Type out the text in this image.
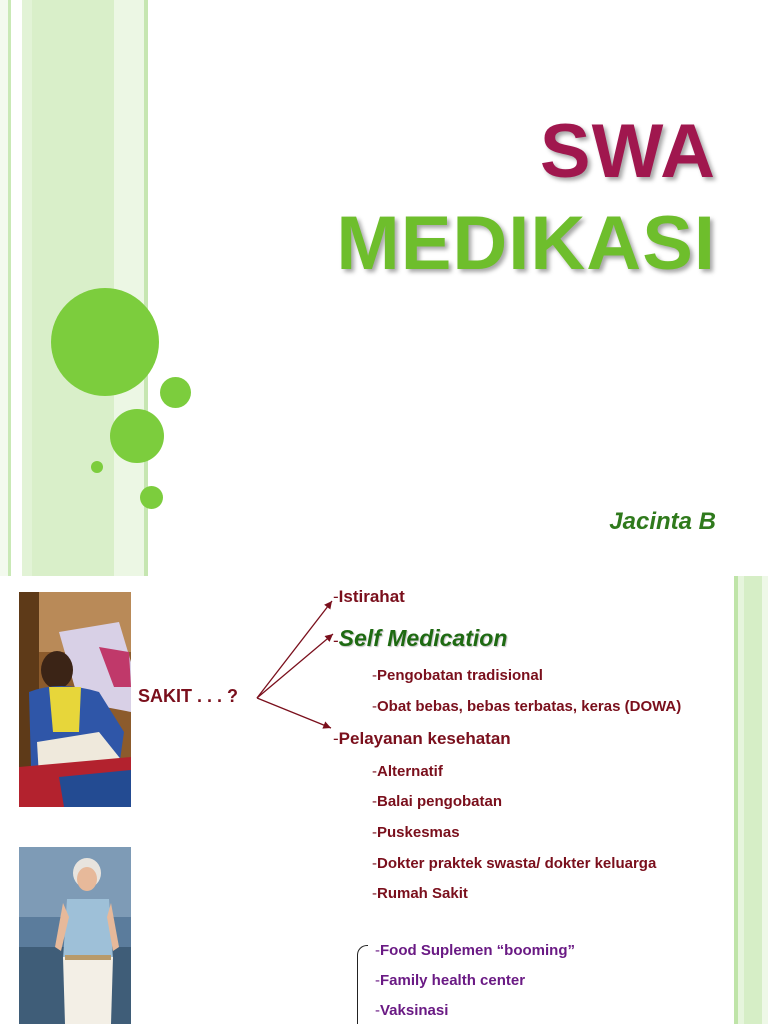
SWA
MEDIKASI
Jacinta B
SAKIT . . . ?
-Istirahat
-Self Medication
-Pengobatan tradisional
-Obat bebas, bebas terbatas, keras (DOWA)
-Pelayanan kesehatan
-Alternatif
-Balai pengobatan
-Puskesmas
-Dokter praktek swasta/ dokter keluarga
-Rumah Sakit
-Food Suplemen “booming”
-Family health center
-Vaksinasi
